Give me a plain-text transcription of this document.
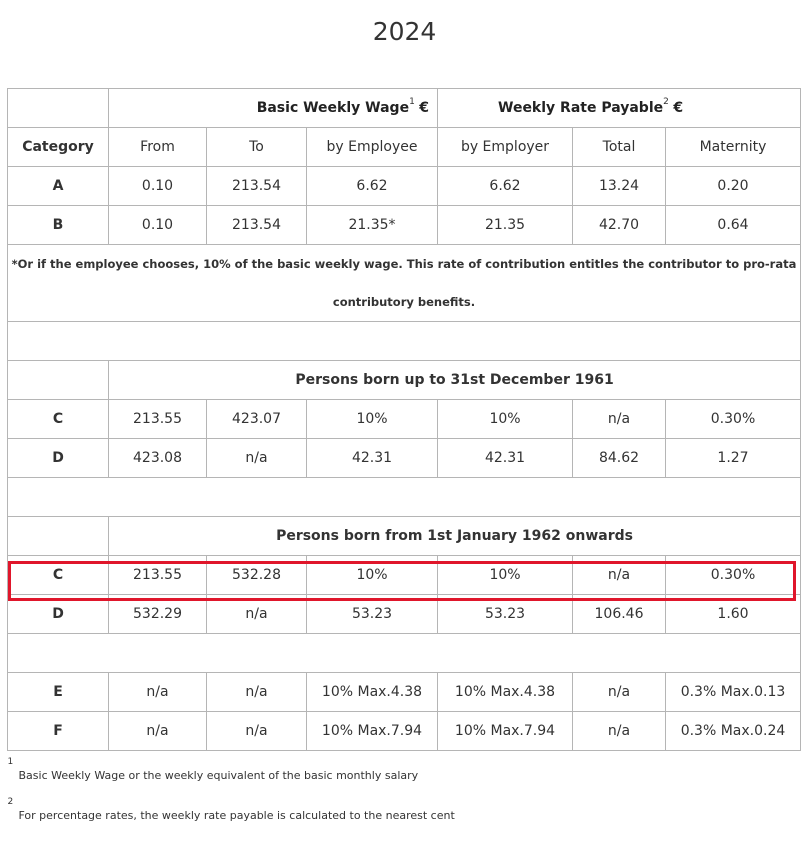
2024
	Basic Weekly Wage$^1$ €			Weekly Rate Payable$^2$ €		
Category	From	To	by Employee	by Employer	Total	Maternity
A	0.10	213.54	6.62	6.62	13.24	0.20
B	0.10	213.54	21.35*	21.35	42.70	0.64
*Or if the employee chooses, 10% of the basic weekly wage. This rate of contribution entitles the contributor to pro-rata contributory benefits.						

	Persons born up to 31st December 1961					
C	213.55	423.07	10%	10%	n/a	0.30%
D	423.08	n/a	42.31	42.31	84.62	1.27

	Persons born from 1st January 1962 onwards					
C	213.55	532.28	10%	10%	n/a	0.30%
D	532.29	n/a	53.23	53.23	106.46	1.60

E	n/a	n/a	10% Max.4.38	10% Max.4.38	n/a	0.3% Max.0.13
F	n/a	n/a	10% Max.7.94	10% Max.7.94	n/a	0.3% Max.0.24

1
Basic Weekly Wage or the weekly equivalent of the basic monthly salary
2
For percentage rates, the weekly rate payable is calculated to the nearest cent						
